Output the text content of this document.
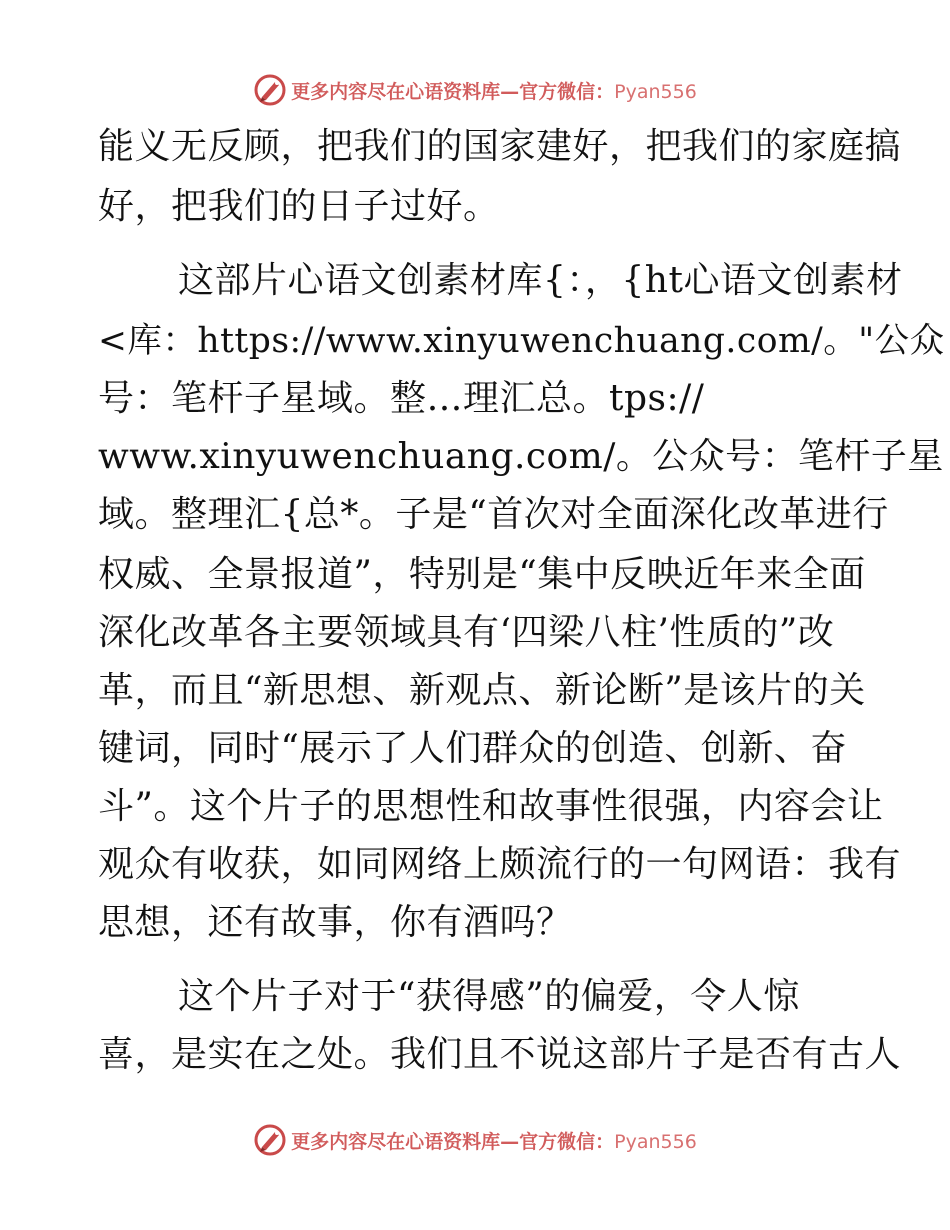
更多内容尽在心语资料库—官方微信：Pyan556
能义无反顾，把我们的国家建好，把我们的家庭搞
好，把我们的日子过好。
这部片心语文创素材库{：，{ht心语文创素材
<库：https://www.xinyuwenchuang.com/。"公众
号：笔杆子星域。整…理汇总。tps://
www.xinyuwenchuang.com/。公众号：笔杆子星
域。整理汇{总*。子是“首次对全面深化改革进行
权威、全景报道”，特别是“集中反映近年来全面
深化改革各主要领域具有‘四梁八柱’性质的”改
革，而且“新思想、新观点、新论断”是该片的关
键词，同时“展示了人们群众的创造、创新、奋
斗”。这个片子的思想性和故事性很强，内容会让
观众有收获，如同网络上颇流行的一句网语：我有
思想，还有故事，你有酒吗？
这个片子对于“获得感”的偏爱，令人惊
喜，是实在之处。我们且不说这部片子是否有古人
更多内容尽在心语资料库—官方微信：Pyan556
